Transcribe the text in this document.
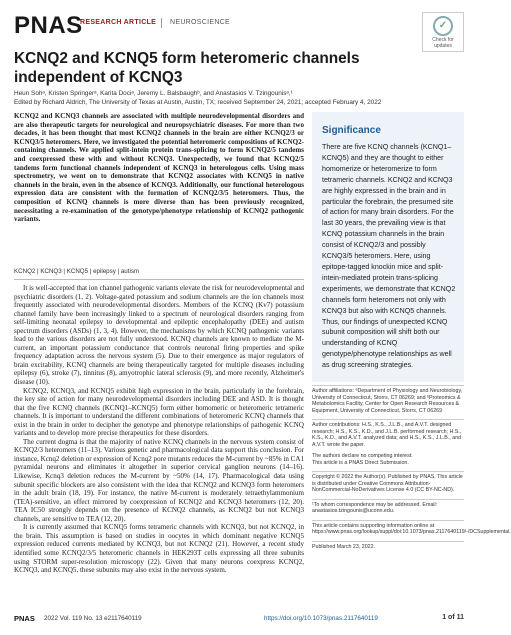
PNAS
RESEARCH ARTICLE NEUROSCIENCE	✓
Check for updates
KCNQ2 and KCNQ5 form heteromeric channels independent of KCNQ3
Heun Sohᵃ, Kristen Springerᵃ, Karita Dociᵃ, Jeremy L. Balsbaughᵇ, and Anastasios V. Tzingounisᵃ,¹
Edited by Richard Aldrich, The University of Texas at Austin, Austin, TX; received September 24, 2021; accepted February 4, 2022

KCNQ2 and KCNQ3 channels are associated with multiple neurodevelopmental disorders and are also therapeutic targets for neurological and neuropsychiatric diseases. For more than two decades, it has been thought that most KCNQ2 channels in the brain are either KCNQ2/3 or KCNQ3/5 heteromers. Here, we investigated the potential heteromeric compositions of KCNQ2-containing channels. We applied split-intein protein trans-splicing to form KCNQ2/5 tandems and coexpressed these with and without KCNQ3. Unexpectedly, we found that KCNQ2/5 tandems form functional channels independent of KCNQ3 in heterologous cells. Using mass spectrometry, we went on to demonstrate that KCNQ2 associates with KCNQ5 in native channels in the brain, even in the absence of KCNQ3. Additionally, our functional heterologous expression data are consistent with the formation of KCNQ2/3/5 heteromers. Thus, the composition of KCNQ channels is more diverse than has been previously recognized, necessitating a re-examination of the genotype/phenotype relationship of KCNQ2 pathogenic variants.

KCNQ2 | KCNQ3 | KCNQ5 | epilepsy | autism

It is well-accepted that ion channel pathogenic variants elevate the risk for neurodevelopmental and psychiatric disorders (1, 2). Voltage-gated potassium and sodium channels are the ion channels most frequently associated with neurodevelopmental disorders. Members of the KCNQ (Kv7) potassium channel family have been increasingly linked to a spectrum of neurological disorders ranging from self-limiting neonatal epilepsy to developmental and epileptic encephalopathy (DEE) and autism spectrum disorders (ASDs) (1, 3, 4). However, the mechanisms by which KCNQ pathogenic variants lead to the various disorders are not fully understood. KCNQ channels are known to mediate the M-current, an important potassium conductance that controls neuronal firing properties and spike frequency adaptation across the nervous system (5). Due to their emergence as major regulators of brain excitability, KCNQ channels are being therapeutically targeted for multiple diseases including epilepsy (6), stroke (7), tinnitus (8), amyotrophic lateral sclerosis (9), and more recently, Alzheimer's disease (10).

KCNQ2, KCNQ3, and KCNQ5 exhibit high expression in the brain, particularly in the forebrain, the key site of action for many neurodevelopmental disorders including DEE and ASD. It is thought that the five KCNQ channels (KCNQ1–KCNQ5) form either homomeric or heteromeric tetrameric channels. It is important to understand the different combinations of heteromeric KCNQ channels that exist in the brain in order to decipher the genotype and phenotype relationships of pathogenic KCNQ variants and to develop more precise therapeutics for these disorders.

The current dogma is that the majority of native KCNQ channels in the nervous system consist of KCNQ2/3 heteromers (11–13). Various genetic and pharmacological data support this conclusion. For instance, Kcnq2 deletion or expression of Kcnq2 pore mutants reduces the M-current by ~85% in CA1 pyramidal neurons and eliminates it altogether in superior cervical ganglion neurons (14–16). Likewise, Kcnq3 deletion reduces the M-current by ~50% (14, 17). Pharmacological data using subunit specific blockers are also consistent with the idea that KCNQ2 and KCNQ3 form heteromers in the adult brain (18, 19). For instance, the native M-current is moderately tetraethylammonium (TEA)-sensitive, an effect mirrored by coexpression of KCNQ2 and KCNQ3 heteromers (12, 20). TEA IC50 strongly depends on the presence of KCNQ2 channels, as KCNQ2 but not KCNQ3 channels, are sensitive to TEA (12, 20).

It is currently assumed that KCNQ5 forms tetrameric channels with KCNQ3, but not KCNQ2, in the brain. This assumption is based on studies in oocytes in which dominant negative KCNQ5 expression reduced currents mediated by KCNQ3, but not KCNQ2 (21). However, a recent study identified some KCNQ2/3/5 heteromeric channels in HEK293T cells expressing all three subunits using STORM super-resolution microscopy (22). Given that many neurons coexpress KCNQ2, KCNQ3, and KCNQ5, these subunits may also exist in the nervous system.

Significance

There are five KCNQ channels (KCNQ1–KCNQ5) and they are thought to either homomerize or heteromerize to form tetrameric channels. KCNQ2 and KCNQ3 are highly expressed in the brain and in particular the forebrain, the presumed site of action for many brain disorders. For the last 30 years, the prevailing view is that KCNQ potassium channels in the brain consist of KCNQ2/3 and possibly KCNQ3/5 heteromers. Here, using epitope-tagged knockin mice and split-intein-mediated protein trans-splicing experiments, we demonstrate that KCNQ2 channels form heteromers not only with KCNQ3 but also with KCNQ5 channels. Thus, our findings of unexpected KCNQ subunit composition will shift both our understanding of KCNQ genotype/phenotype relationships as well as drug screening strategies.

Author affiliations: ᵃDepartment of Physiology and Neurobiology, University of Connecticut, Storrs, CT 06269; and ᵇProteomics & Metabolomics Facility, Center for Open Research Resources & Equipment, University of Connecticut, Storrs, CT 06269
Author contributions: H.S., K.S., J.L.B., and A.V.T. designed research; H.S., K.S., K.D., and J.L.B. performed research; H.S., K.S., K.D., and A.V.T. analyzed data; and H.S., K.S., J.L.B., and A.V.T. wrote the paper.
The authors declare no competing interest.
This article is a PNAS Direct Submission.
Copyright © 2022 the Author(s). Published by PNAS. This article is distributed under Creative Commons Attribution-NonCommercial-NoDerivatives License 4.0 (CC BY-NC-ND).
¹To whom correspondence may be addressed. Email: anastasios.tzingounis@uconn.edu.
This article contains supporting information online at https://www.pnas.org/lookup/suppl/doi:10.1073/pnas.2117640119/-/DCSupplemental.
Published March 23, 2022.
PNAS 2022 Vol. 119 No. 13 e2117640119	https://doi.org/10.1073/pnas.2117640119	1 of 11
